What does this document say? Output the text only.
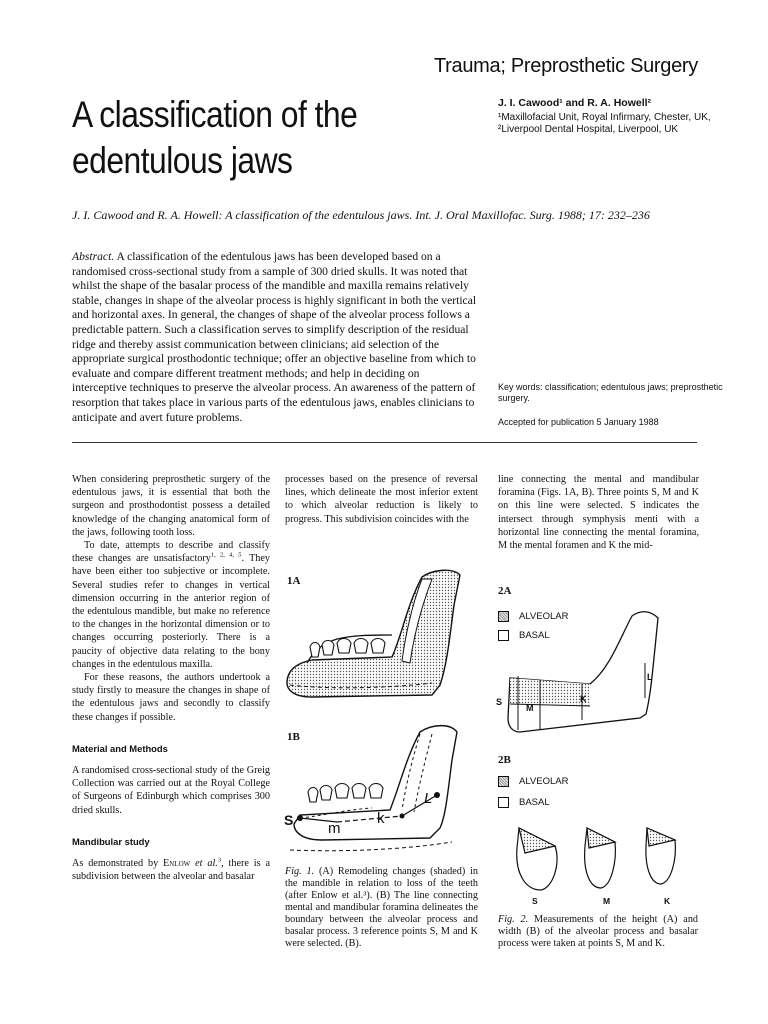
Trauma; Preprosthetic Surgery
A classification of the edentulous jaws
J. I. Cawood¹ and R. A. Howell²
¹Maxillofacial Unit, Royal Infirmary, Chester, UK, ²Liverpool Dental Hospital, Liverpool, UK
J. I. Cawood and R. A. Howell: A classification of the edentulous jaws. Int. J. Oral Maxillofac. Surg. 1988; 17: 232–236
Abstract. A classification of the edentulous jaws has been developed based on a randomised cross-sectional study from a sample of 300 dried skulls. It was noted that whilst the shape of the basalar process of the mandible and maxilla remains relatively stable, changes in shape of the alveolar process is highly significant in both the vertical and horizontal axes. In general, the changes of shape of the alveolar process follows a predictable pattern. Such a classification serves to simplify description of the residual ridge and thereby assist communication between clinicians; aid selection of the appropriate surgical prosthodontic technique; offer an objective baseline from which to evaluate and compare different treatment methods; and help in deciding on interceptive techniques to preserve the alveolar process. An awareness of the pattern of resorption that takes place in various parts of the edentulous jaws, enables clinicians to anticipate and avert future problems.
Key words: classification; edentulous jaws; preprosthetic surgery.
Accepted for publication 5 January 1988

When considering preprosthetic surgery of the edentulous jaws, it is essential that both the surgeon and prosthodontist possess a detailed knowledge of the changing anatomical form of the jaws, following tooth loss.

To date, attempts to describe and classify these changes are unsatisfactory$^{1, 2, 4, 5}$. They have been either too subjective or incomplete. Several studies refer to changes in vertical dimension occurring in the anterior region of the edentulous mandible, but make no reference to the changes in the horizontal dimension or to changes occurring posteriorly. There is a paucity of objective data relating to the bony changes in the edentulous maxilla.

For these reasons, the authors undertook a study firstly to measure the changes in shape of the edentulous jaws and secondly to classify these changes if possible.

Material and Methods

A randomised cross-sectional study of the Greig Collection was carried out at the Royal College of Surgeons of Edinburgh which comprises 300 dried skulls.

Mandibular study

As demonstrated by Enlow et al.$^3$, there is a subdivision between the alveolar and basalar

processes based on the presence of reversal lines, which delineate the most inferior extent to which alveolar reduction is likely to progress. This subdivision coincides with the

line connecting the mental and mandibular foramina (Figs. 1A, B). Three points S, M and K on this line were selected. S indicates the intersect through symphysis menti with a horizontal line connecting the mental foramina, M the mental foramen and K the mid-

1A
1B
S m
k
L
Fig. 1. (A) Remodeling changes (shaded) in the mandible in relation to loss of the teeth (after Enlow et al.³). (B) The line connecting mental and mandibular foramina delineates the boundary between the alveolar process and basalar process. 3 reference points S, M and K were selected. (B).
2A
ALVEOLAR
BASAL
S
M
K
L
2B
ALVEOLAR
BASAL
S	M	K
Fig. 2. Measurements of the height (A) and width (B) of the alveolar process and basalar process were taken at points S, M and K.
